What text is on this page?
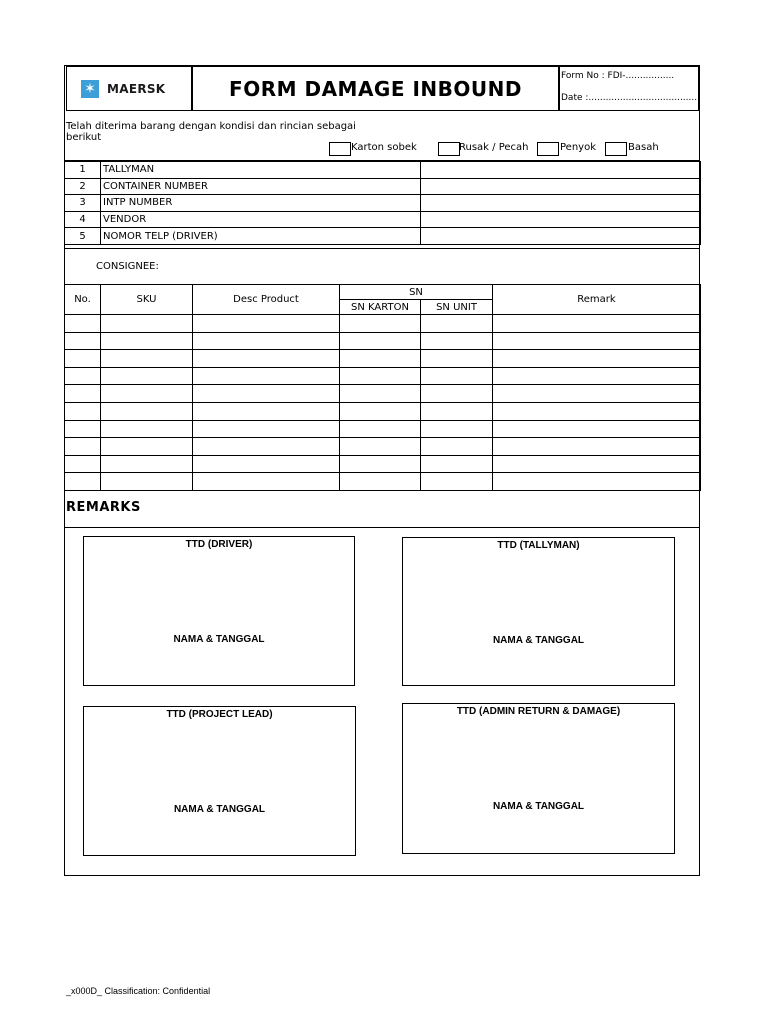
✶ MAERSK	FORM DAMAGE INBOUND
Form No : FDI-.................
Date :......................................
Telah diterima barang dengan kondisi dan rincian sebagai berikut
Karton sobek	Rusak / Pecah	Penyok	Basah
1	TALLYMAN	
2	CONTAINER NUMBER	
3	INTP NUMBER	
4	VENDOR	
5	NOMOR TELP (DRIVER)	
CONSIGNEE:
No.	SKU	Desc Product	SN		Remark
			SN KARTON	SN UNIT	

REMARKS
TTD (DRIVER)
NAMA & TANGGAL
TTD (TALLYMAN)
NAMA & TANGGAL
TTD (PROJECT LEAD)
NAMA & TANGGAL
TTD (ADMIN RETURN & DAMAGE)
NAMA & TANGGAL
_x000D_ Classification: Confidential
